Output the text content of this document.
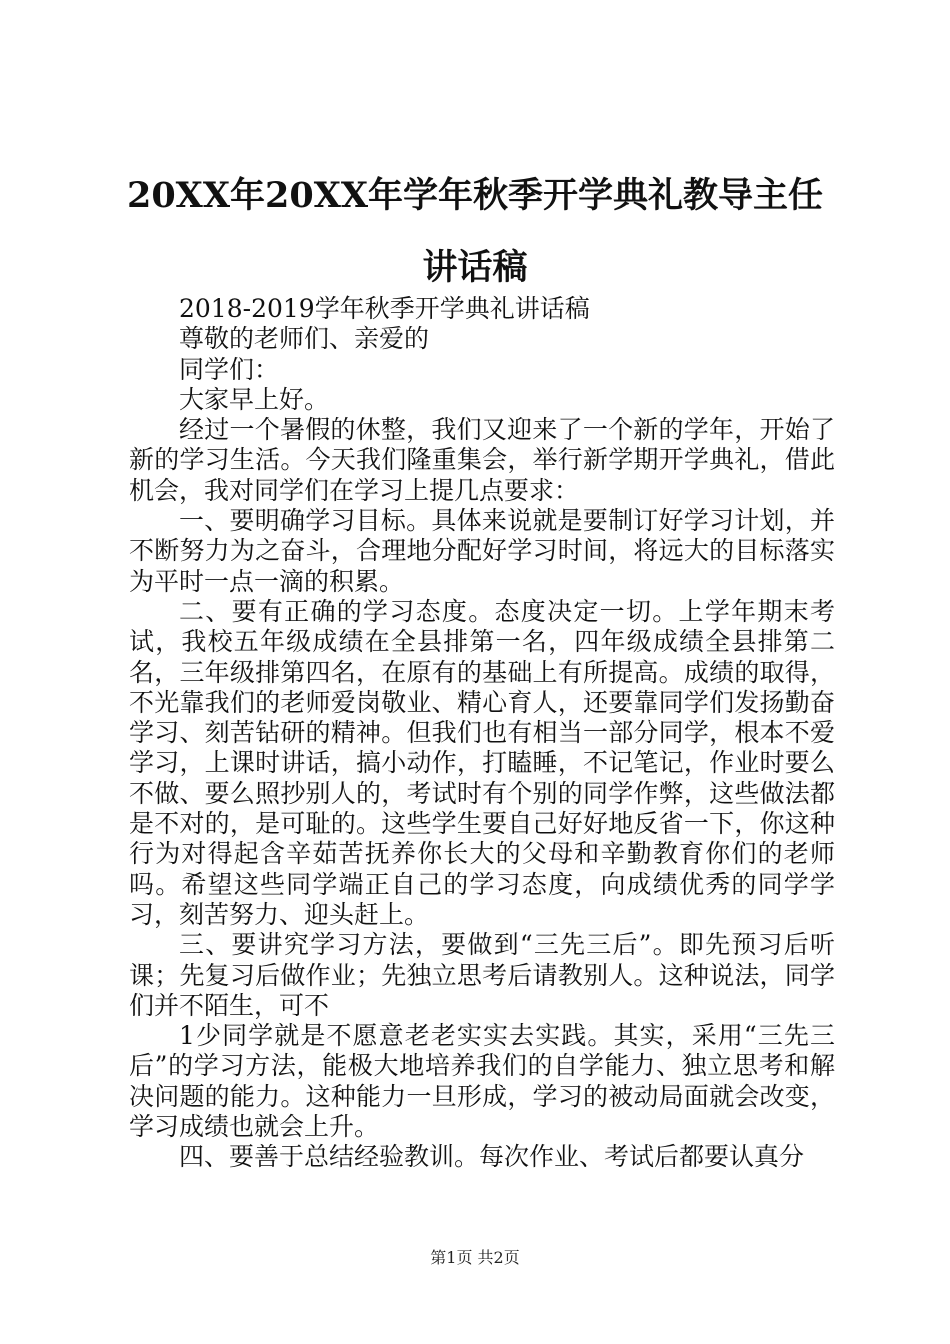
20XX年20XX年学年秋季开学典礼教导主任讲话稿

2018-2019学年秋季开学典礼讲话稿

尊敬的老师们、亲爱的

同学们：

大家早上好。

经过一个暑假的休整，我们又迎来了一个新的学年，开始了新的学习生活。今天我们隆重集会，举行新学期开学典礼，借此机会，我对同学们在学习上提几点要求：

一、要明确学习目标。具体来说就是要制订好学习计划，并不断努力为之奋斗，合理地分配好学习时间，将远大的目标落实为平时一点一滴的积累。

二、要有正确的学习态度。态度决定一切。上学年期末考试，我校五年级成绩在全县排第一名，四年级成绩全县排第二名，三年级排第四名，在原有的基础上有所提高。成绩的取得，不光靠我们的老师爱岗敬业、精心育人，还要靠同学们发扬勤奋学习、刻苦钻研的精神。但我们也有相当一部分同学，根本不爱学习，上课时讲话，搞小动作，打瞌睡，不记笔记，作业时要么不做、要么照抄别人的，考试时有个别的同学作弊，这些做法都是不对的，是可耻的。这些学生要自己好好地反省一下，你这种行为对得起含辛茹苦抚养你长大的父母和辛勤教育你们的老师吗。希望这些同学端正自己的学习态度，向成绩优秀的同学学习，刻苦努力、迎头赶上。

三、要讲究学习方法，要做到“三先三后”。即先预习后听课；先复习后做作业；先独立思考后请教别人。这种说法，同学们并不陌生，可不

1少同学就是不愿意老老实实去实践。其实，采用“三先三后”的学习方法，能极大地培养我们的自学能力、独立思考和解决问题的能力。这种能力一旦形成，学习的被动局面就会改变，学习成绩也就会上升。

四、要善于总结经验教训。每次作业、考试后都要认真分

第1页 共2页
